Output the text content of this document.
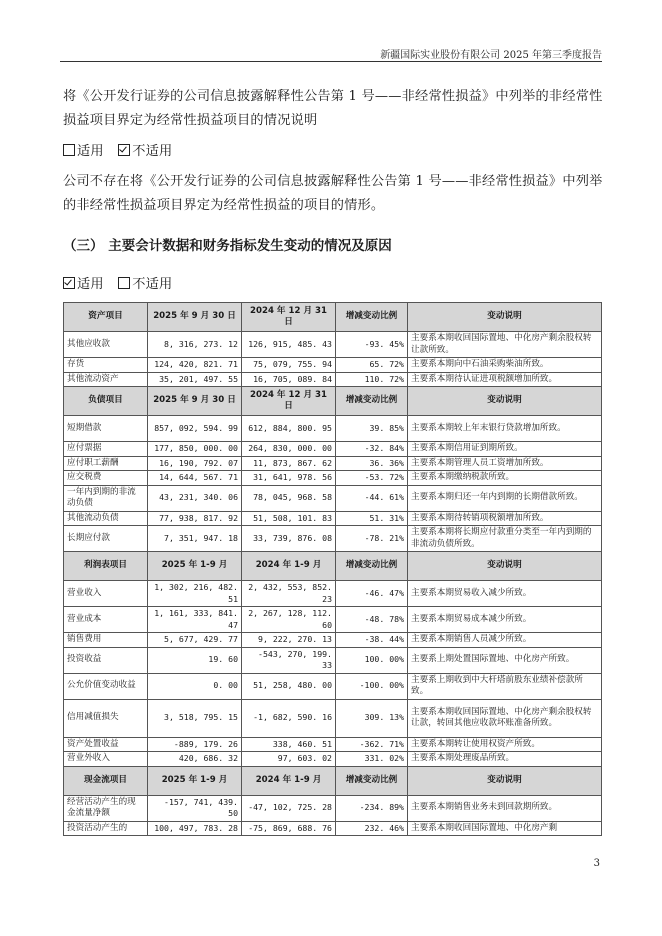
新疆国际实业股份有限公司 2025 年第三季度报告
将《公开发行证券的公司信息披露解释性公告第 1 号——非经常性损益》中列举的非经常性损益项目界定为经常性损益项目的情况说明
适用 不适用
公司不存在将《公开发行证券的公司信息披露解释性公告第 1 号——非经常性损益》中列举的非经常性损益项目界定为经常性损益的项目的情形。
（三） 主要会计数据和财务指标发生变动的情况及原因
适用 不适用
资产项目	2025 年 9 月 30 日	2024 年 12 月 31 日	增减变动比例	变动说明
其他应收款	8, 316, 273. 12	126, 915, 485. 43	-93. 45%	主要系本期收回国际置地、中化房产剩余股权转让款所致。
存货	124, 420, 821. 71	75, 079, 755. 94	65. 72%	主要系本期向中石油采购柴油所致。
其他流动资产	35, 201, 497. 55	16, 705, 089. 84	110. 72%	主要系本期待认证进项税额增加所致。
负债项目	2025 年 9 月 30 日	2024 年 12 月 31 日	增减变动比例	变动说明
短期借款	857, 092, 594. 99	612, 884, 800. 95	39. 85%	主要系本期较上年末银行贷款增加所致。
应付票据	177, 850, 000. 00	264, 830, 000. 00	-32. 84%	主要系本期信用证到期所致。
应付职工薪酬	16, 190, 792. 07	11, 873, 867. 62	36. 36%	主要系本期管理人员工资增加所致。
应交税费	14, 644, 567. 71	31, 641, 978. 56	-53. 72%	主要系本期缴纳税款所致。
一年内到期的非流动负债	43, 231, 340. 06	78, 045, 968. 58	-44. 61%	主要系本期归还一年内到期的长期借款所致。
其他流动负债	77, 938, 817. 92	51, 508, 101. 83	51. 31%	主要系本期待转销项税额增加所致。
长期应付款	7, 351, 947. 18	33, 739, 876. 08	-78. 21%	主要系本期将长期应付款重分类至一年内到期的非流动负债所致。
利润表项目	2025 年 1-9 月	2024 年 1-9 月	增减变动比例	变动说明
营业收入	1, 302, 216, 482. 51	2, 432, 553, 852. 23	-46. 47%	主要系本期贸易收入减少所致。
营业成本	1, 161, 333, 841. 47	2, 267, 128, 112. 60	-48. 78%	主要系本期贸易成本减少所致。
销售费用	5, 677, 429. 77	9, 222, 270. 13	-38. 44%	主要系本期销售人员减少所致。
投资收益	19. 60	-543, 270, 199. 33	100. 00%	主要系上期处置国际置地、中化房产所致。
公允价值变动收益	0. 00	51, 258, 480. 00	-100. 00%	主要系上期收到中大杆塔前股东业绩补偿款所致。
信用减值损失	3, 518, 795. 15	-1, 682, 590. 16	309. 13%	主要系本期收回国际置地、中化房产剩余股权转让款，转回其他应收款坏账准备所致。
资产处置收益	-889, 179. 26	338, 460. 51	-362. 71%	主要系本期转让使用权资产所致。
营业外收入	420, 686. 32	97, 603. 02	331. 02%	主要系本期处理废品所致。
现金流项目	2025 年 1-9 月	2024 年 1-9 月	增减变动比例	变动说明
经营活动产生的现金流量净额	-157, 741, 439. 50	-47, 102, 725. 28	-234. 89%	主要系本期销售业务未到回款期所致。
投资活动产生的	100, 497, 783. 28	-75, 869, 688. 76	232. 46%	主要系本期收回国际置地、中化房产剩
3
